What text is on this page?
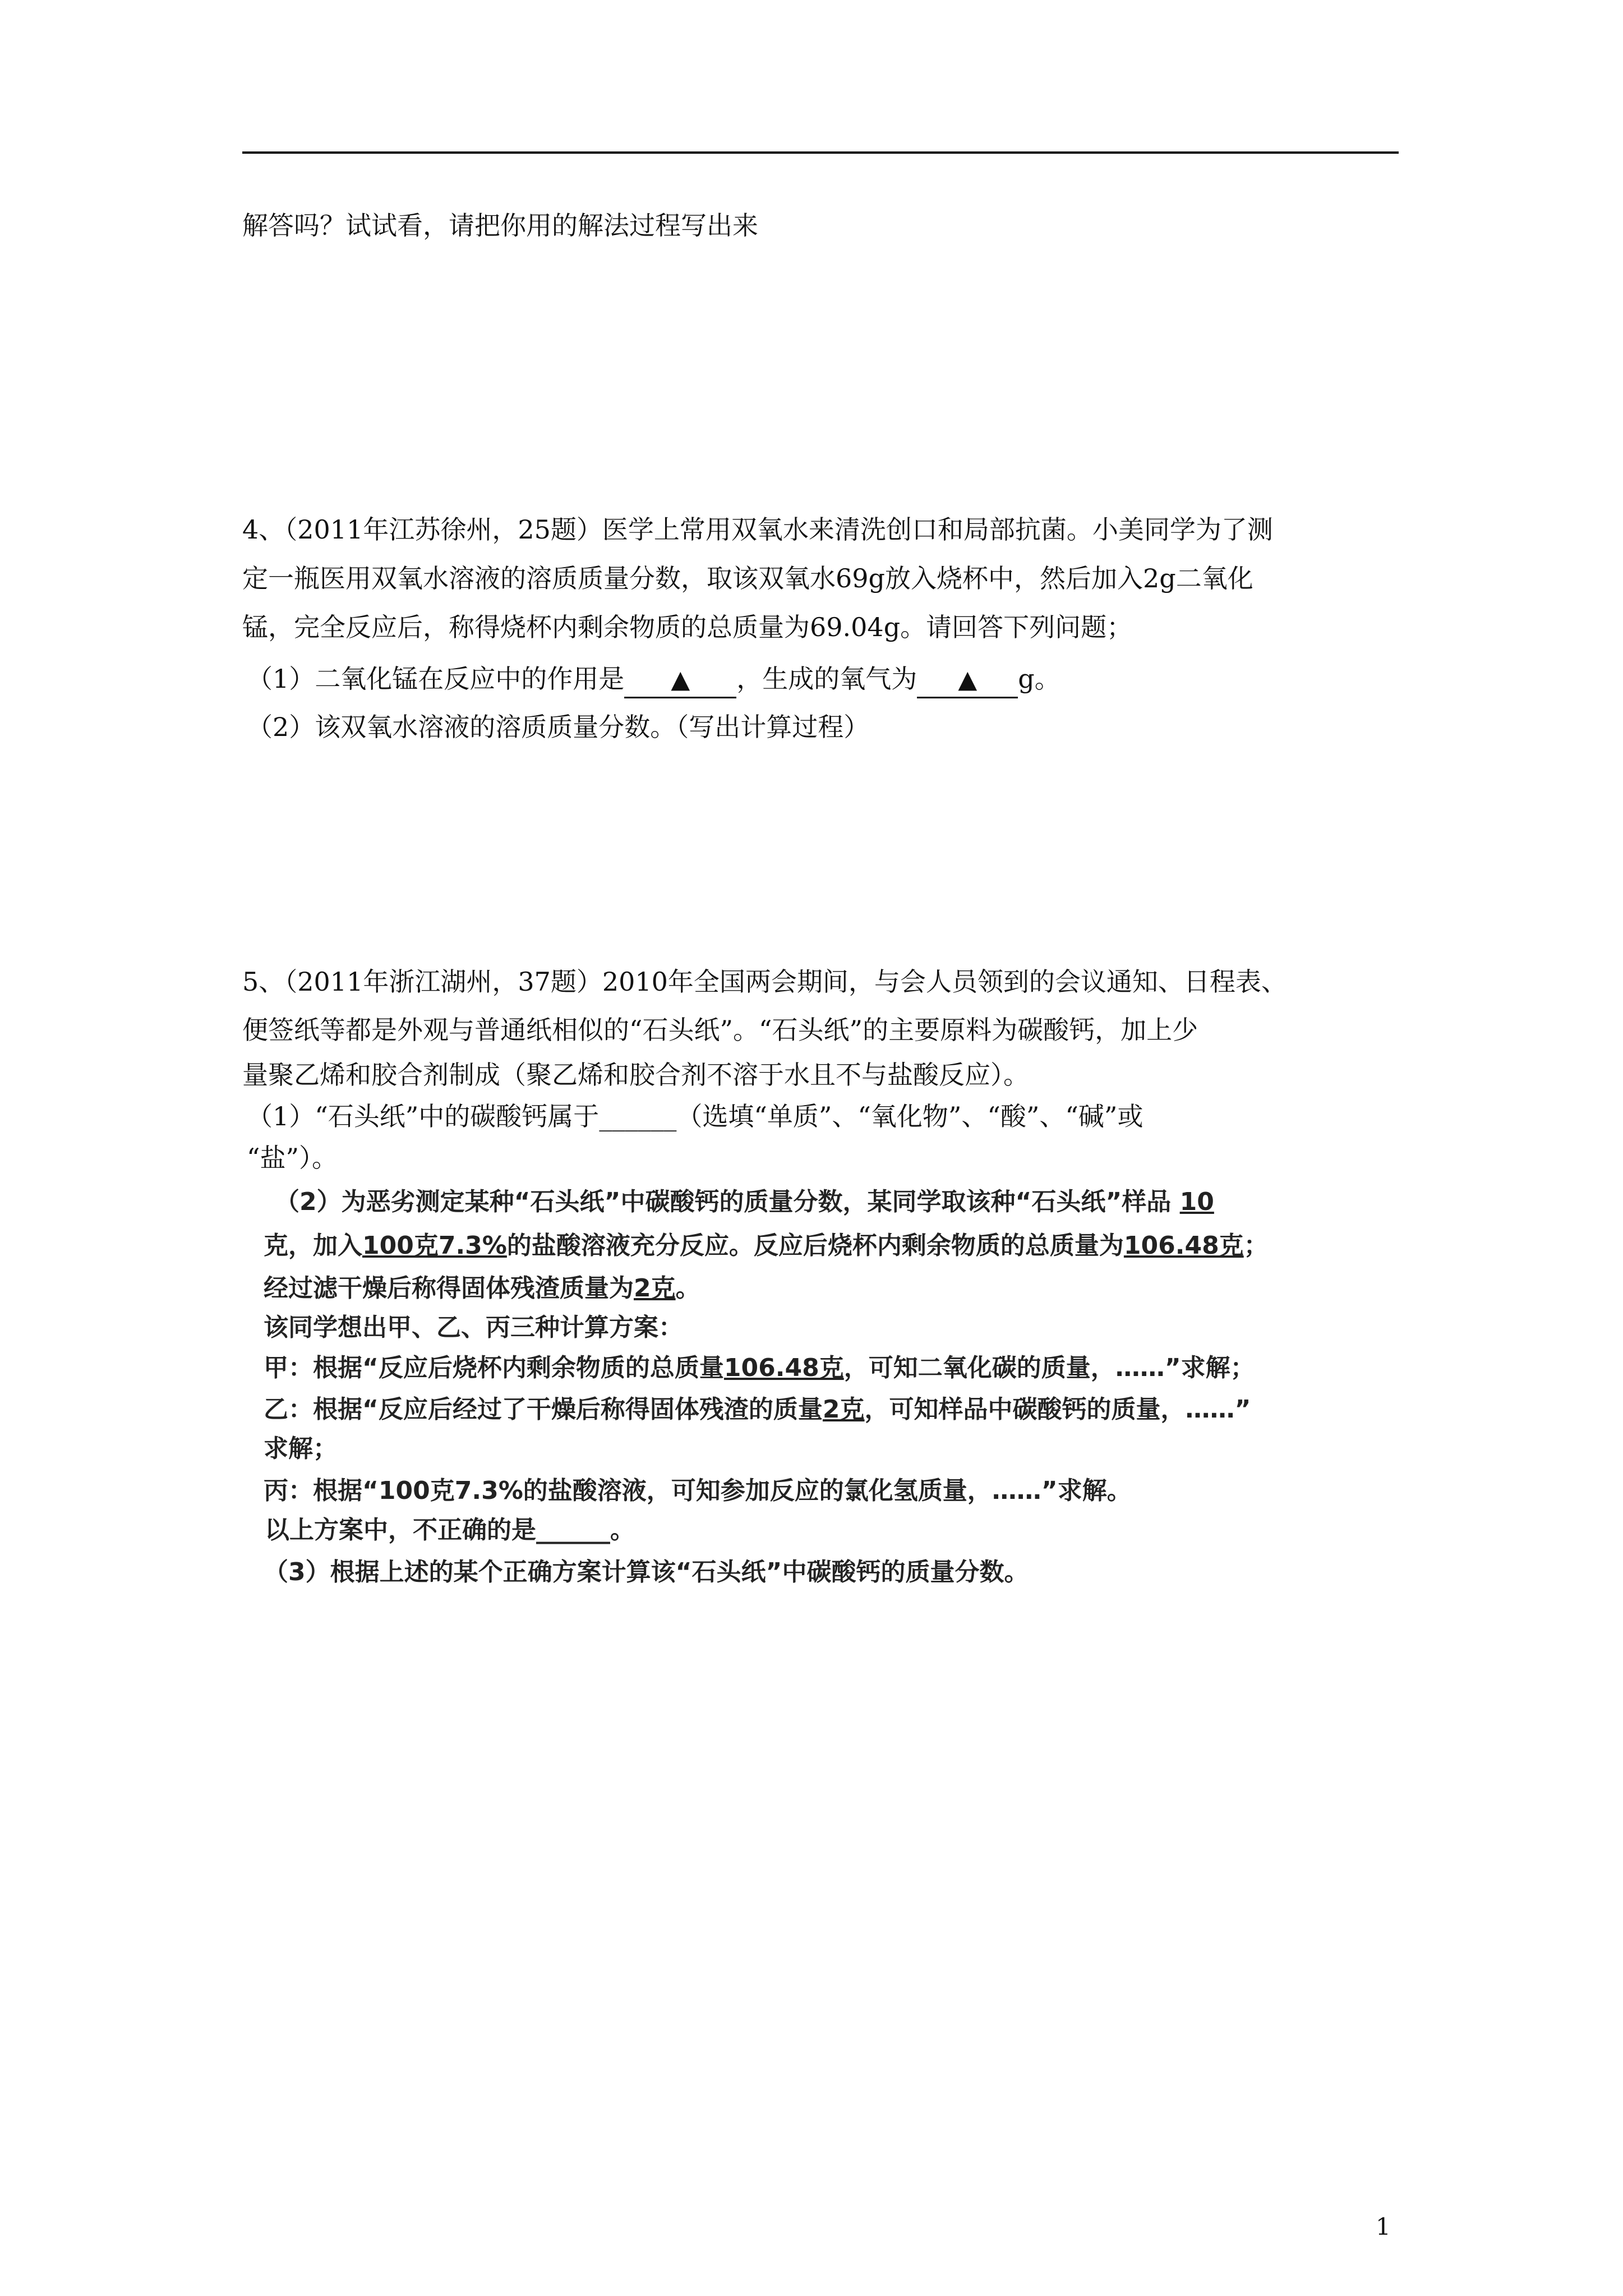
解答吗？试试看，请把你用的解法过程写出来
4、（2011年江苏徐州，25题）医学上常用双氧水来清洗创口和局部抗菌。小美同学为了测
定一瓶医用双氧水溶液的溶质质量分数，取该双氧水69g放入烧杯中，然后加入2g二氧化
锰，完全反应后，称得烧杯内剩余物质的总质量为69.04g。请回答下列问题；
（1）二氧化锰在反应中的作用是 ▲ ，生成的氧气为 ▲ g。
（2）该双氧水溶液的溶质质量分数。（写出计算过程）
5、（2011年浙江湖州，37题）2010年全国两会期间，与会人员领到的会议通知、日程表、
便签纸等都是外观与普通纸相似的“石头纸”。“石头纸”的主要原料为碳酸钙，加上少
量聚乙烯和胶合剂制成（聚乙烯和胶合剂不溶于水且不与盐酸反应）。
（1）“石头纸”中的碳酸钙属于______（选填“单质”、“氧化物”、“酸”、“碱”或
“盐”）。
（2）为恶劣测定某种“石头纸”中碳酸钙的质量分数，某同学取该种“石头纸”样品 10
克，加入100克7.3%的盐酸溶液充分反应。反应后烧杯内剩余物质的总质量为106.48克；
经过滤干燥后称得固体残渣质量为2克。
该同学想出甲、乙、丙三种计算方案：
甲：根据“反应后烧杯内剩余物质的总质量106.48克，可知二氧化碳的质量，……”求解；
乙：根据“反应后经过了干燥后称得固体残渣的质量2克，可知样品中碳酸钙的质量，……”
求解；
丙：根据“100克7.3%的盐酸溶液，可知参加反应的氯化氢质量，……”求解。
以上方案中，不正确的是______。
（3）根据上述的某个正确方案计算该“石头纸”中碳酸钙的质量分数。
1
